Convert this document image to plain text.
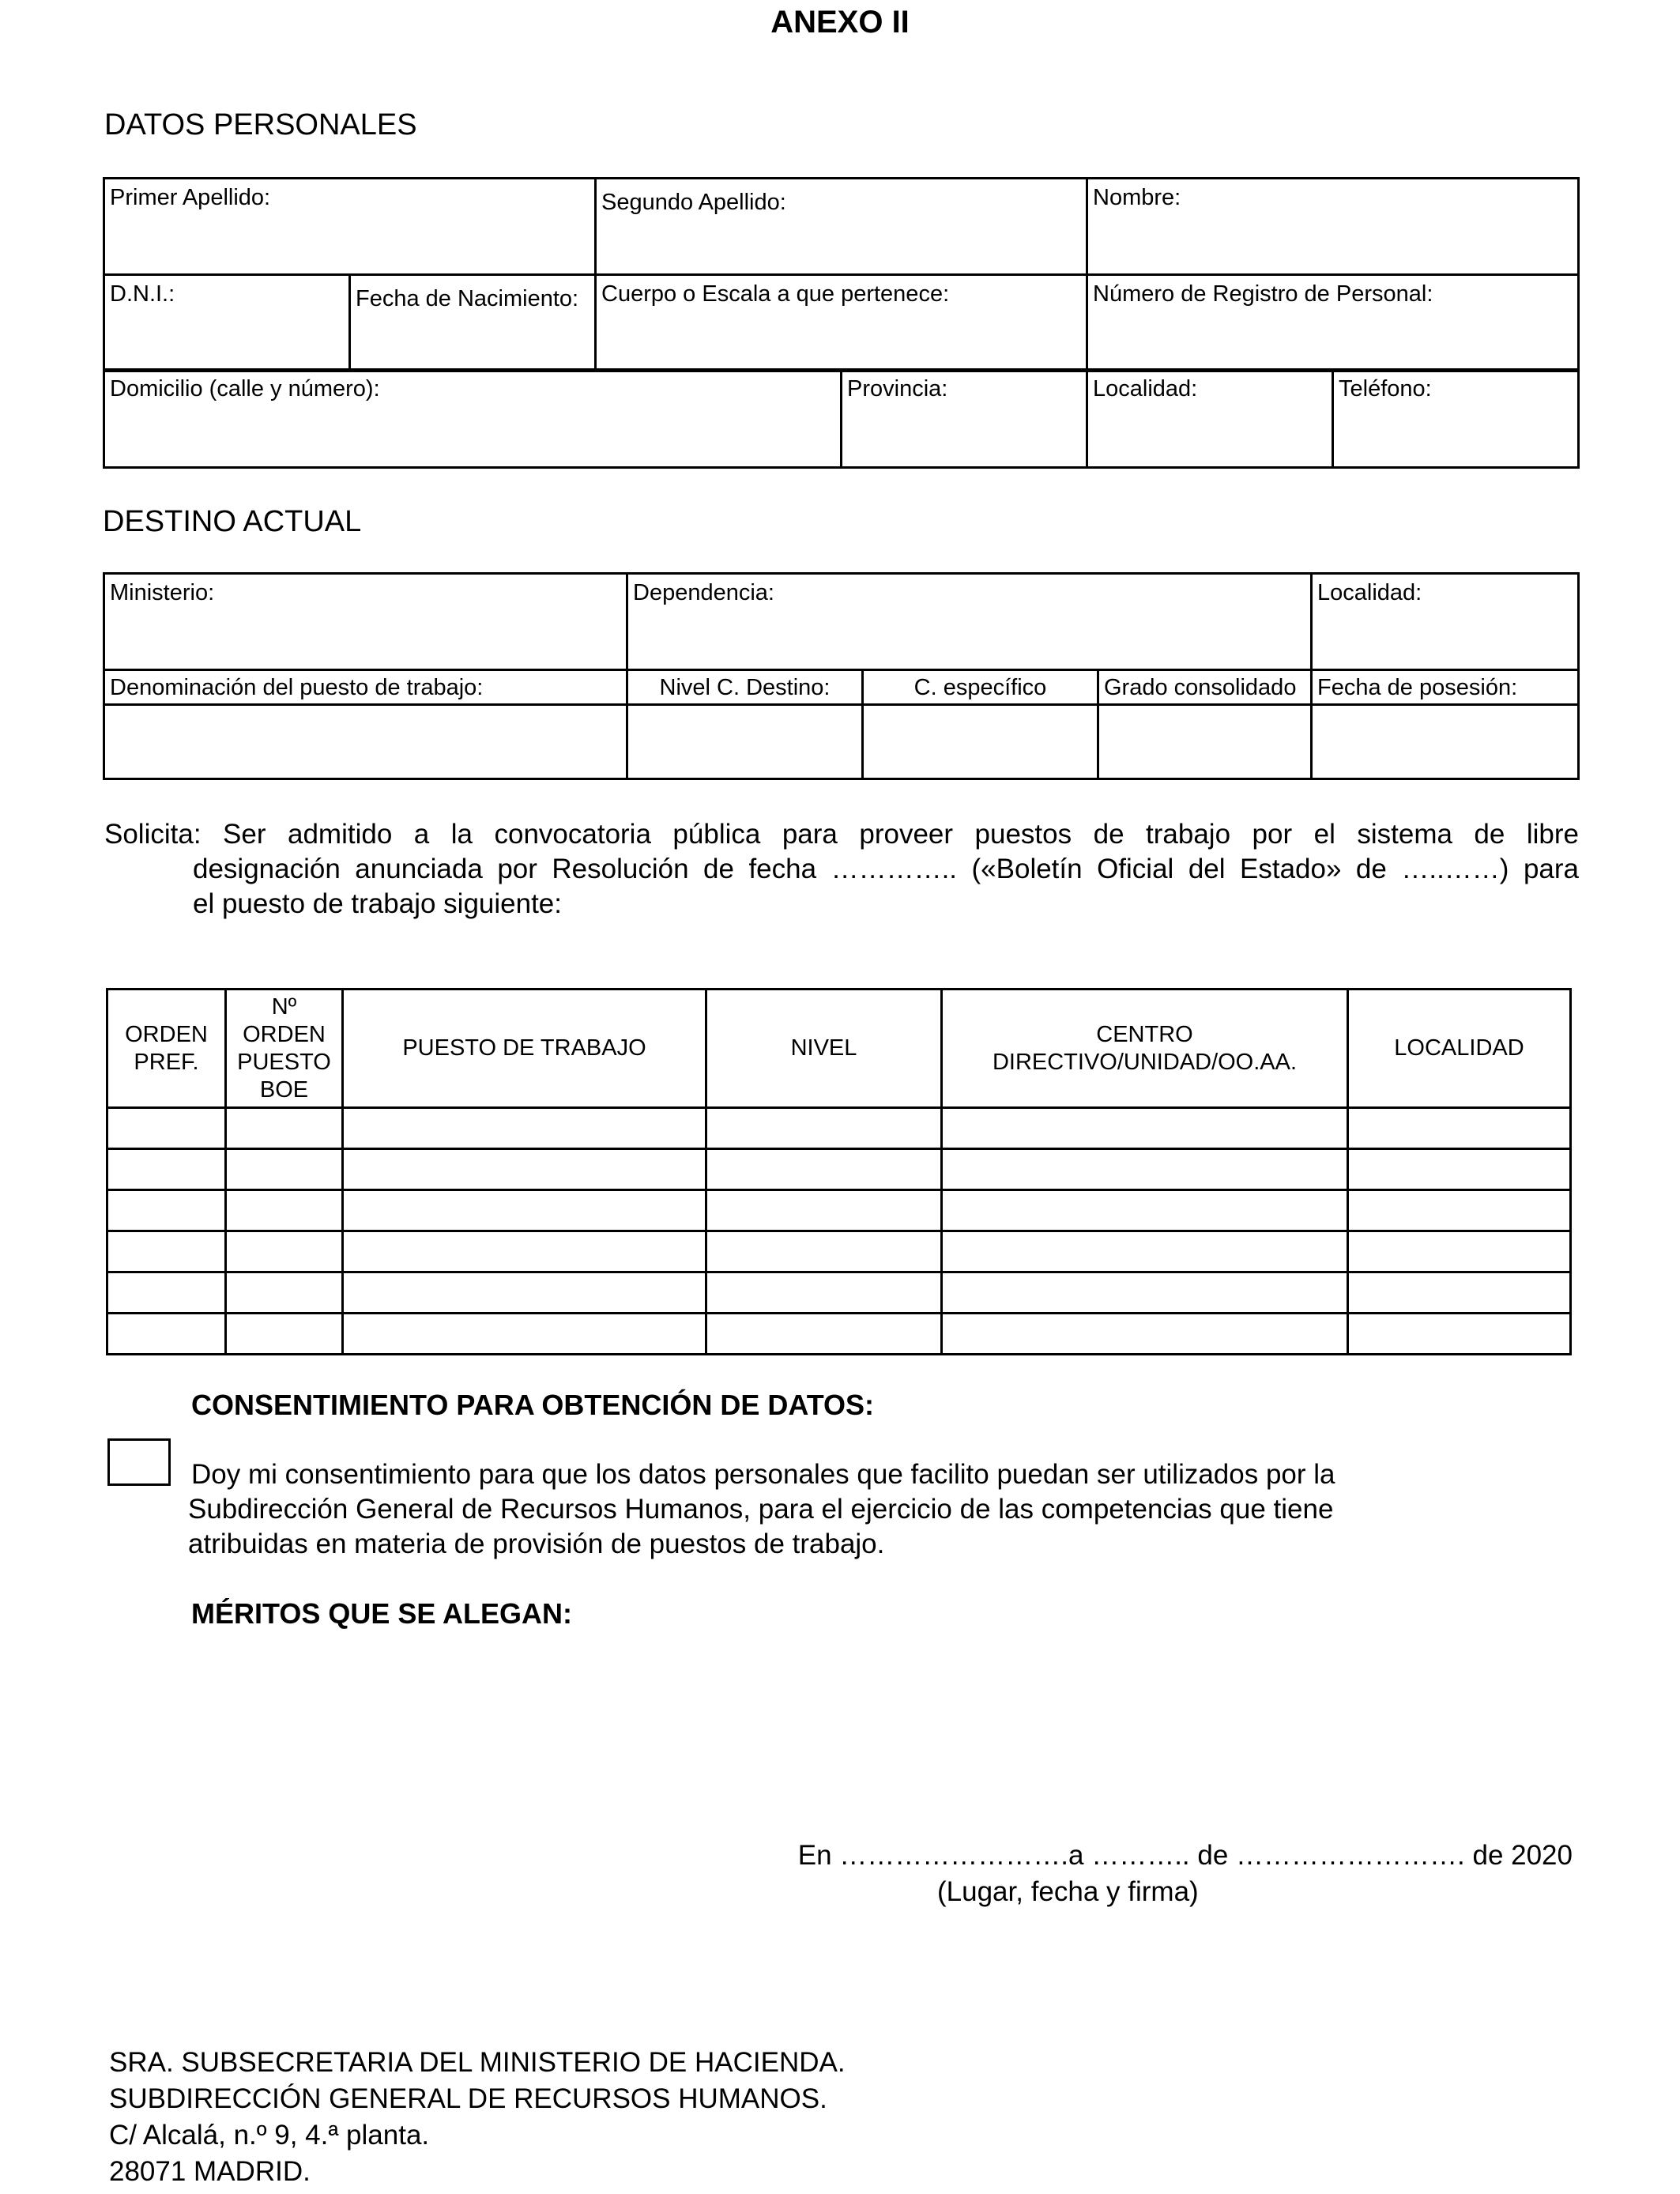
ANEXO II
DATOS PERSONALES
Primer Apellido:		Segundo Apellido:	Nombre:

D.N.I.:	Fecha de Nacimiento:	Cuerpo o Escala a que pertenece:	Número de Registro de Personal:
Domicilio (calle y número):	Provincia:	Localidad:	Teléfono:
DESTINO ACTUAL
Ministerio:	Dependencia:			Localidad:

Denominación del puesto de trabajo:	Nivel C. Destino:	C. específico	Grado consolidado	Fecha de posesión:

Solicita: Ser admitido a la convocatoria pública para proveer puestos de trabajo por el sistema de libre
designación anunciada por Resolución de fecha ………….. («Boletín Oficial del Estado» de …..……) para
el puesto de trabajo siguiente:
ORDEN PREF.	Nº ORDEN PUESTO BOE	PUESTO DE TRABAJO	NIVEL	CENTRO DIRECTIVO/UNIDAD/OO.AA.	LOCALIDAD

CONSENTIMIENTO PARA OBTENCIÓN DE DATOS:
Doy mi consentimiento para que los datos personales que facilito puedan ser utilizados por la
Subdirección General de Recursos Humanos, para el ejercicio de las competencias que tiene
atribuidas en materia de provisión de puestos de trabajo.
MÉRITOS QUE SE ALEGAN:
En …………………….a ……….. de ……………………. de 2020
(Lugar, fecha y firma)
SRA. SUBSECRETARIA DEL MINISTERIO DE HACIENDA.
SUBDIRECCIÓN GENERAL DE RECURSOS HUMANOS.
C/ Alcalá, n.º 9, 4.ª planta.
28071 MADRID.
